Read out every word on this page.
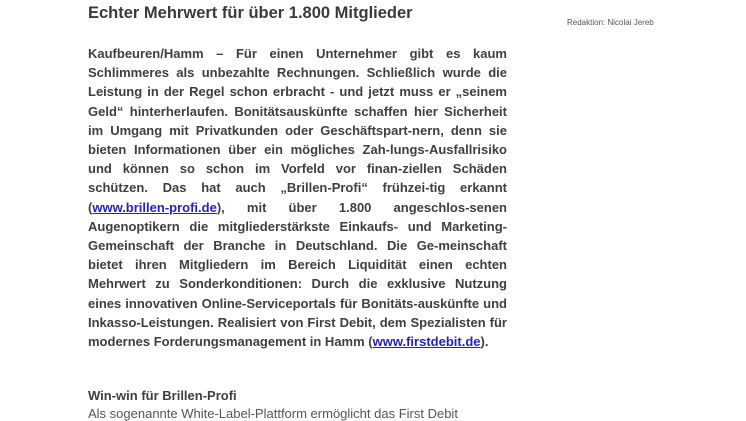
Echter Mehrwert für über 1.800 Mitglieder
Redaktion: Nicolai Jereb

Kaufbeuren/Hamm – Für einen Unternehmer gibt es kaum Schlimmeres als unbezahlte Rechnungen. Schließlich wurde die Leistung in der Regel schon erbracht - und jetzt muss er „seinem Geld“ hinterherlaufen. Bonitätsauskünfte schaffen hier Sicherheit im Umgang mit Privatkunden oder Geschäftspart-nern, denn sie bieten Informationen über ein mögliches Zah-lungs-Ausfallrisiko und können so schon im Vorfeld vor finan-ziellen Schäden schützen. Das hat auch „Brillen-Profi“ frühzei-tig erkannt (www.brillen-profi.de), mit über 1.800 angeschlos-senen Augenoptikern die mitgliederstärkste Einkaufs- und Marketing-Gemeinschaft der Branche in Deutschland. Die Ge-meinschaft bietet ihren Mitgliedern im Bereich Liquidität einen echten Mehrwert zu Sonderkonditionen: Durch die exklusive Nutzung eines innovativen Online-Serviceportals für Bonitäts-auskünfte und Inkasso-Leistungen. Realisiert von First Debit, dem Spezialisten für modernes Forderungsmanagement in Hamm (www.firstdebit.de).

Win-win für Brillen-Profi
Als sogenannte White-Label-Plattform ermöglicht das First Debit
